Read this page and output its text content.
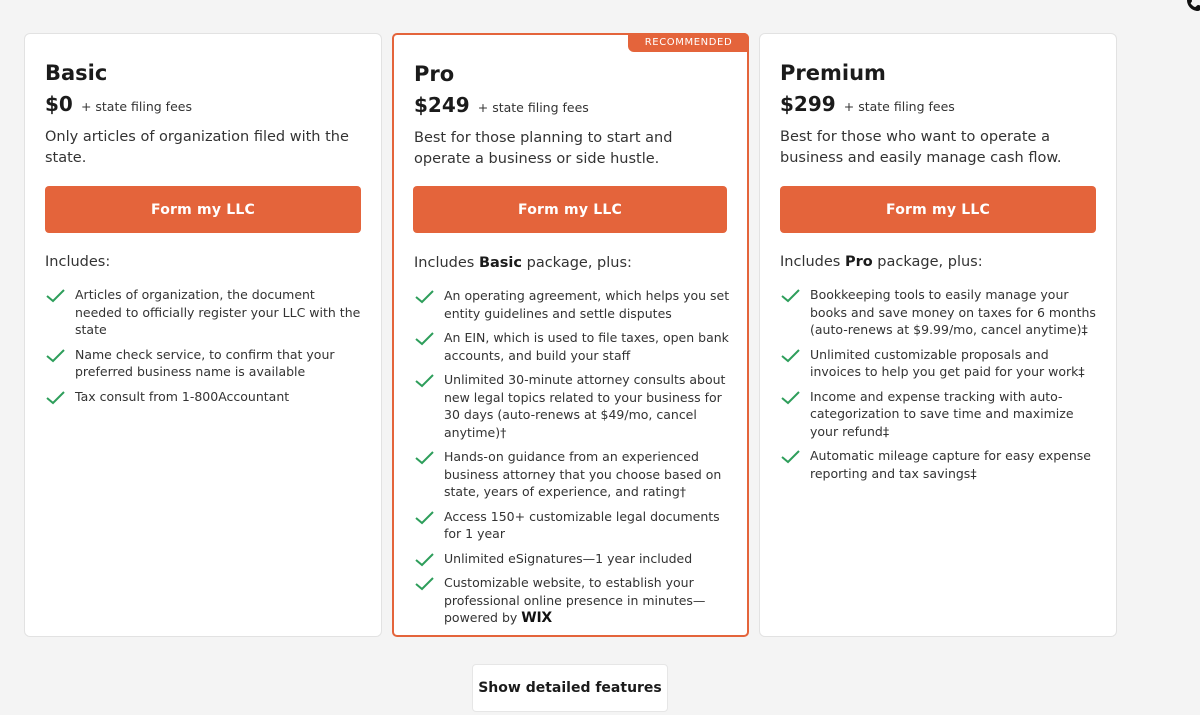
Basic
$0 + state filing fees
Only articles of organization filed with the state.
Form my LLC
Includes:
Articles of organization, the document needed to officially register your LLC with the state
Name check service, to confirm that your preferred business name is available
Tax consult from 1-800Accountant
RECOMMENDED
Pro
$249 + state filing fees
Best for those planning to start and operate a business or side hustle.
Form my LLC
Includes Basic package, plus:
An operating agreement, which helps you set entity guidelines and settle disputes
An EIN, which is used to file taxes, open bank accounts, and build your staff
Unlimited 30-minute attorney consults about new legal topics related to your business for 30 days (auto-renews at $49/mo, cancel anytime)†
Hands-on guidance from an experienced business attorney that you choose based on state, years of experience, and rating†
Access 150+ customizable legal documents for 1 year
Unlimited eSignatures—1 year included
Customizable website, to establish your professional online presence in minutes—powered by WIX
Premium
$299 + state filing fees
Best for those who want to operate a business and easily manage cash flow.
Form my LLC
Includes Pro package, plus:
Bookkeeping tools to easily manage your books and save money on taxes for 6 months (auto-renews at $9.99/mo, cancel anytime)‡
Unlimited customizable proposals and invoices to help you get paid for your work‡
Income and expense tracking with auto-categorization to save time and maximize your refund‡
Automatic mileage capture for easy expense reporting and tax savings‡
Show detailed features
